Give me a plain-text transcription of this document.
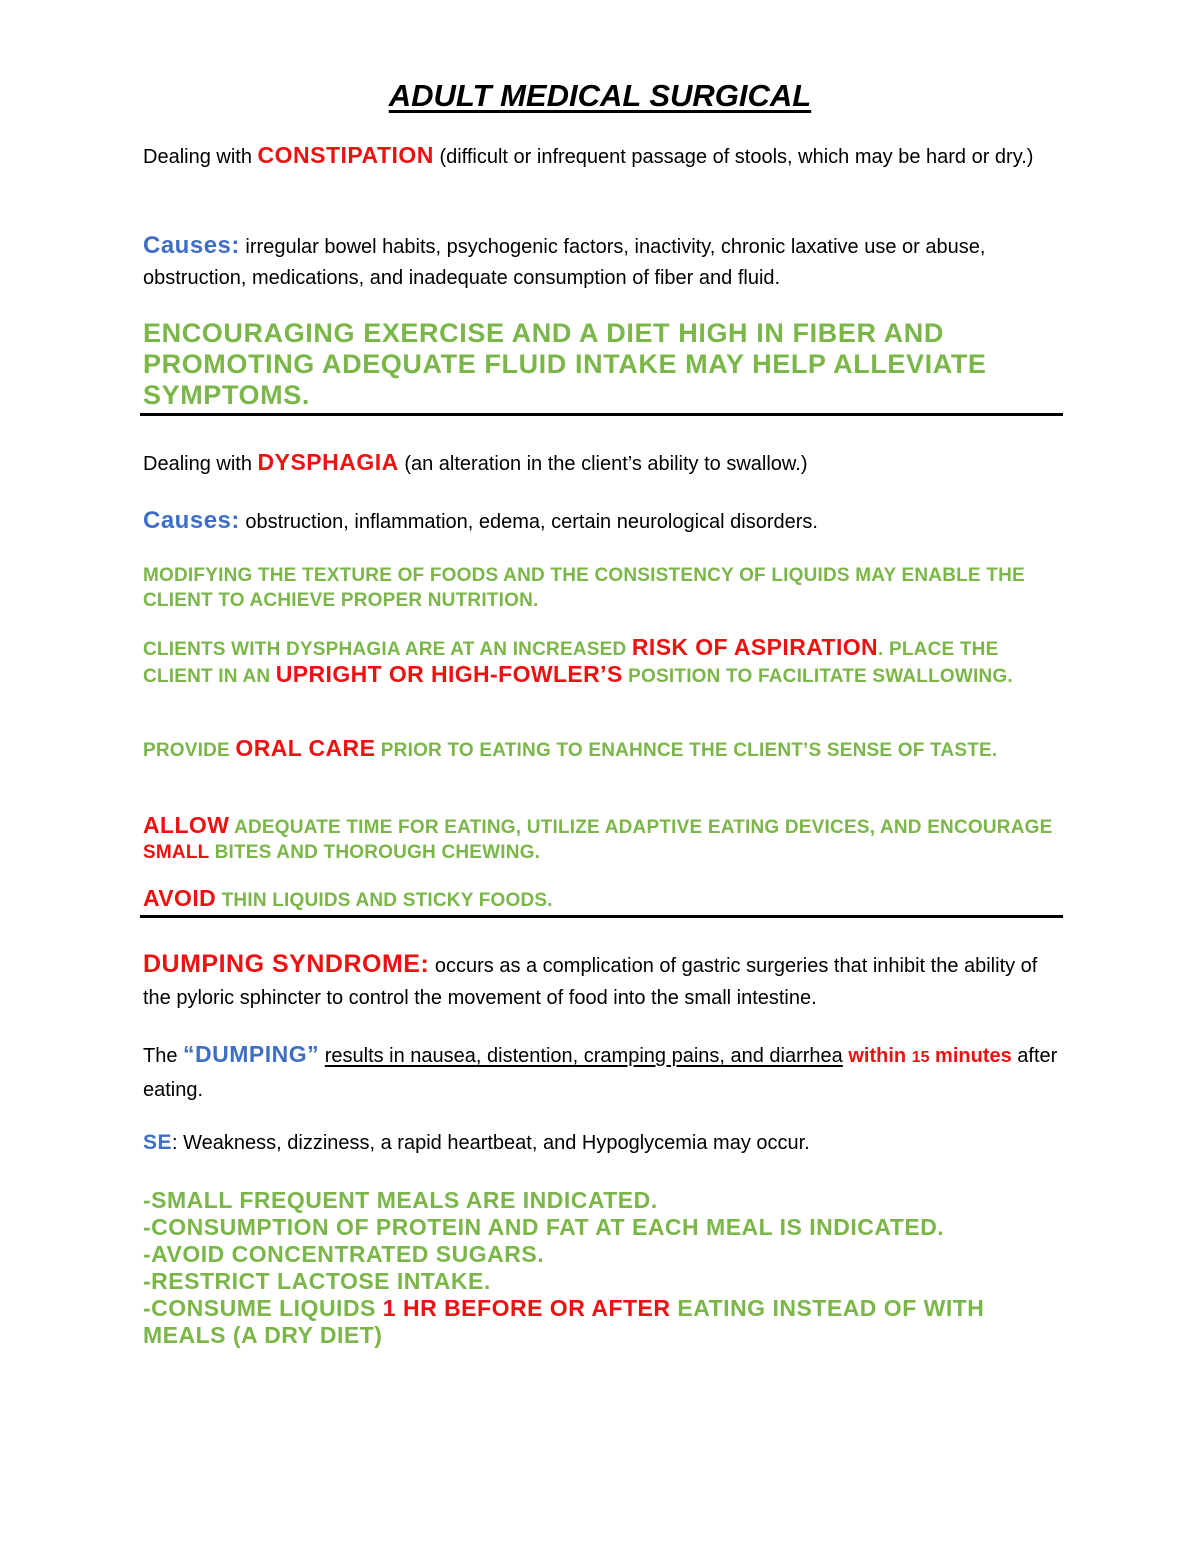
ADULT MEDICAL SURGICAL

Dealing with CONSTIPATION (difficult or infrequent passage of stools, which may be hard or dry.)

Causes: irregular bowel habits, psychogenic factors, inactivity, chronic laxative use or abuse, obstruction, medications, and inadequate consumption of fiber and fluid.

ENCOURAGING EXERCISE AND A DIET HIGH IN FIBER AND PROMOTING ADEQUATE FLUID INTAKE MAY HELP ALLEVIATE SYMPTOMS.

Dealing with DYSPHAGIA (an alteration in the client’s ability to swallow.)

Causes: obstruction, inflammation, edema, certain neurological disorders.

MODIFYING THE TEXTURE OF FOODS AND THE CONSISTENCY OF LIQUIDS MAY ENABLE THE CLIENT TO ACHIEVE PROPER NUTRITION.

CLIENTS WITH DYSPHAGIA ARE AT AN INCREASED RISK OF ASPIRATION. PLACE THE CLIENT IN AN UPRIGHT OR HIGH-FOWLER’S POSITION TO FACILITATE SWALLOWING.

PROVIDE ORAL CARE PRIOR TO EATING TO ENAHNCE THE CLIENT’S SENSE OF TASTE.

ALLOW ADEQUATE TIME FOR EATING, UTILIZE ADAPTIVE EATING DEVICES, AND ENCOURAGE SMALL BITES AND THOROUGH CHEWING.

AVOID THIN LIQUIDS AND STICKY FOODS.

DUMPING SYNDROME: occurs as a complication of gastric surgeries that inhibit the ability of the pyloric sphincter to control the movement of food into the small intestine.

The “DUMPING” results in nausea, distention, cramping pains, and diarrhea within 15 minutes after eating.

SE: Weakness, dizziness, a rapid heartbeat, and Hypoglycemia may occur.

-SMALL FREQUENT MEALS ARE INDICATED.
-CONSUMPTION OF PROTEIN AND FAT AT EACH MEAL IS INDICATED.
-AVOID CONCENTRATED SUGARS.
-RESTRICT LACTOSE INTAKE.
-CONSUME LIQUIDS 1 HR BEFORE OR AFTER EATING INSTEAD OF WITH MEALS (A DRY DIET)
